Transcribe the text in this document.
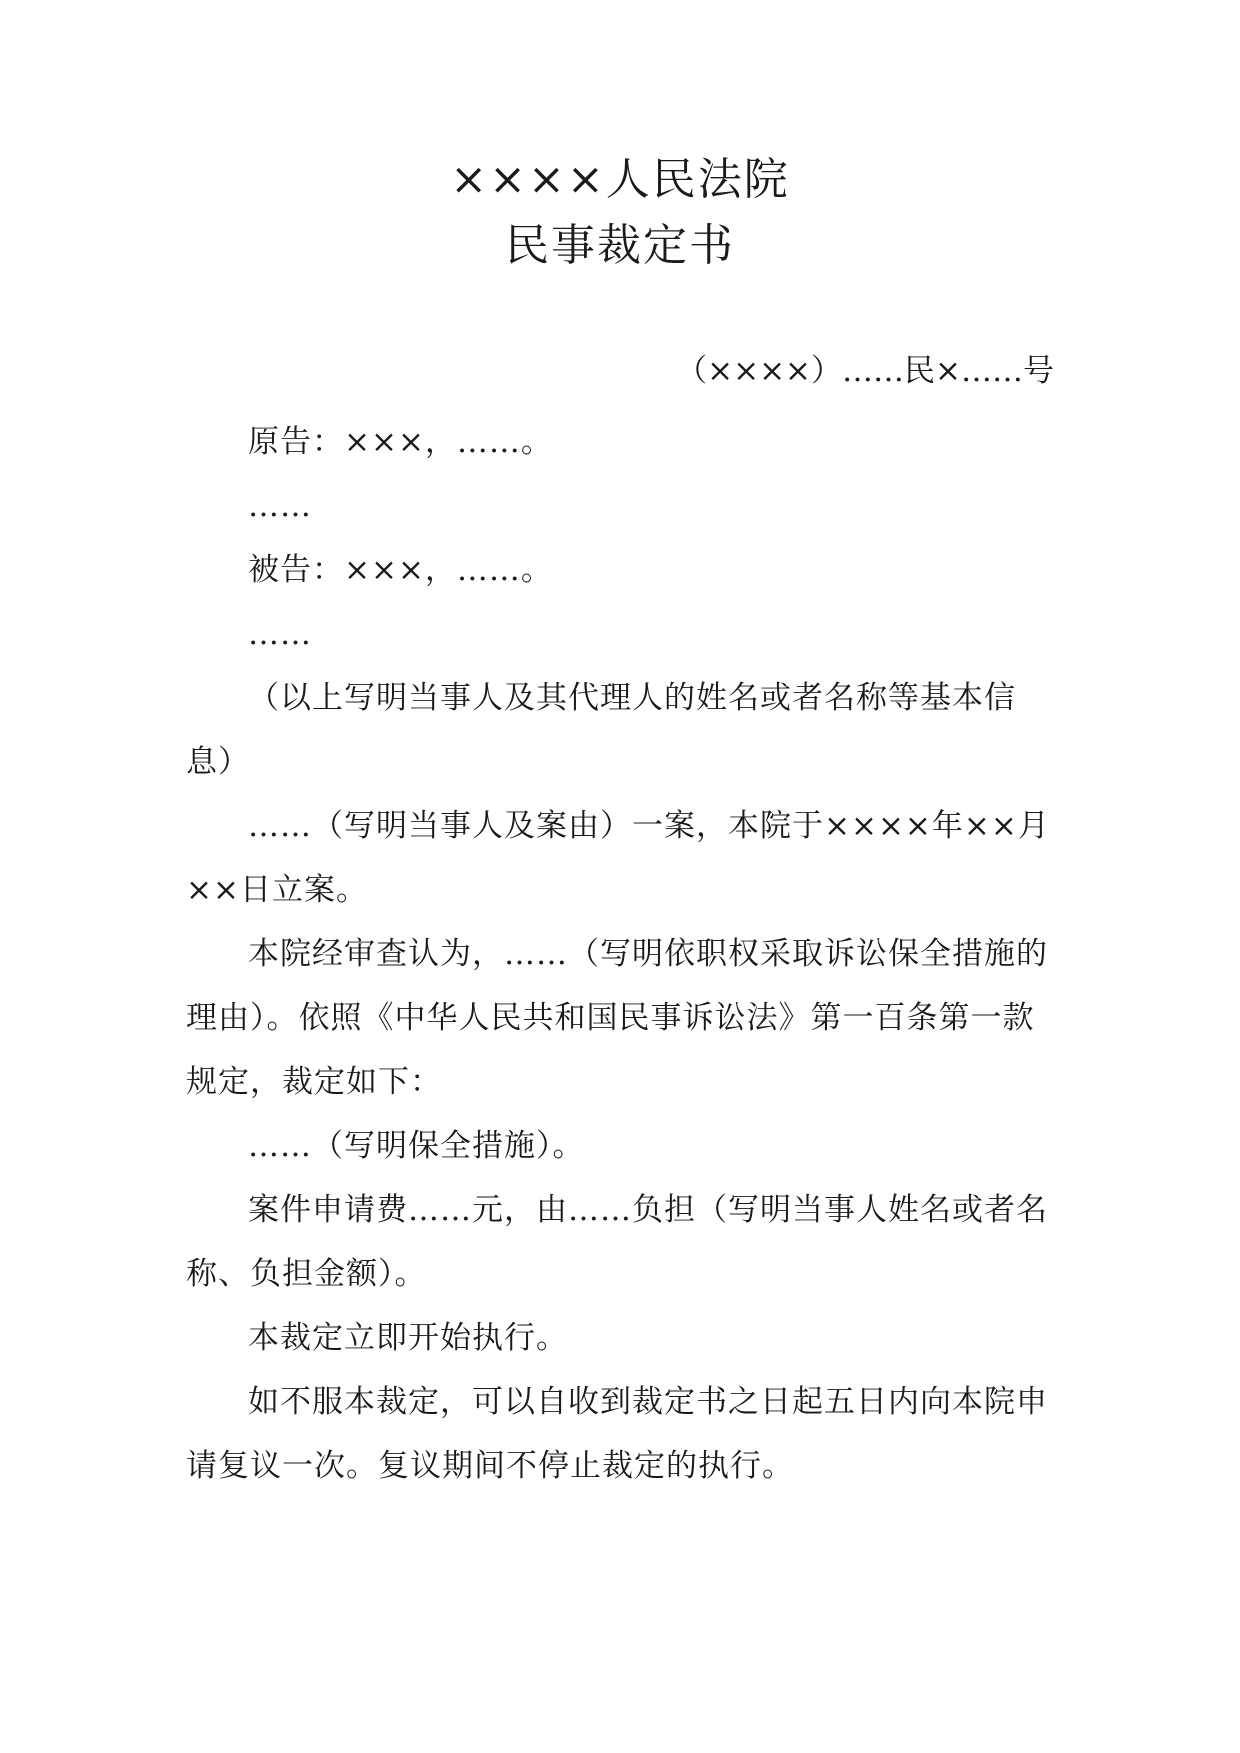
××××人民法院
民事裁定书
（××××）……民×……号

原告：×××，……。

……

被告：×××，……。

……

（以上写明当事人及其代理人的姓名或者名称等基本信息）

……（写明当事人及案由）一案，本院于××××年××月××日立案。

本院经审查认为，……（写明依职权采取诉讼保全措施的理由）。依照《中华人民共和国民事诉讼法》第一百条第一款规定，裁定如下：

……（写明保全措施）。

案件申请费……元，由……负担（写明当事人姓名或者名称、负担金额）。

本裁定立即开始执行。

如不服本裁定，可以自收到裁定书之日起五日内向本院申请复议一次。复议期间不停止裁定的执行。
